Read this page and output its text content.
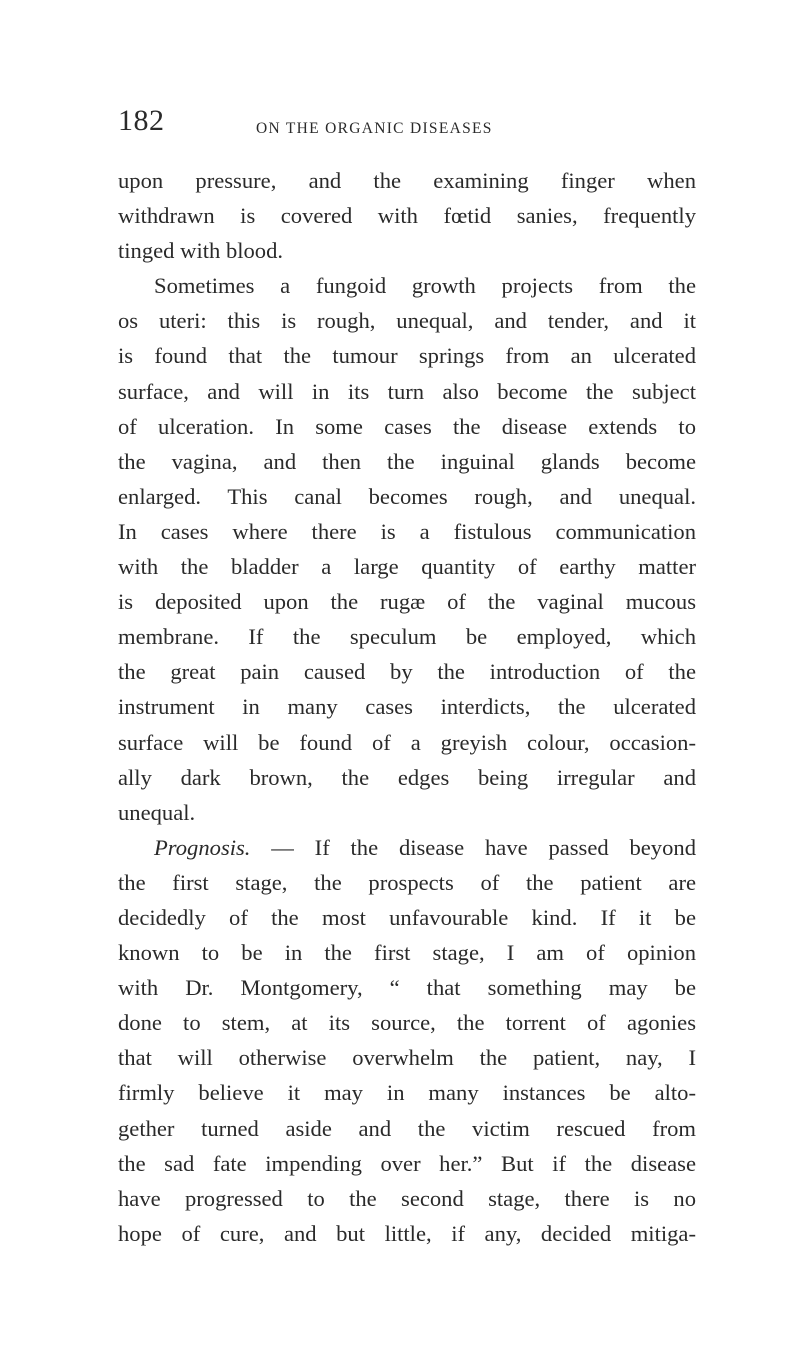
182	ON THE ORGANIC DISEASES
upon pressure, and the examining finger when
withdrawn is covered with fœtid sanies, frequently
tinged with blood.
Sometimes a fungoid growth projects from the
os uteri: this is rough, unequal, and tender, and it
is found that the tumour springs from an ulcerated
surface, and will in its turn also become the subject
of ulceration. In some cases the disease extends to
the vagina, and then the inguinal glands become
enlarged. This canal becomes rough, and unequal.
In cases where there is a fistulous communication
with the bladder a large quantity of earthy matter
is deposited upon the rugæ of the vaginal mucous
membrane. If the speculum be employed, which
the great pain caused by the introduction of the
instrument in many cases interdicts, the ulcerated
surface will be found of a greyish colour, occasion-
ally dark brown, the edges being irregular and
unequal.
Prognosis. — If the disease have passed beyond
the first stage, the prospects of the patient are
decidedly of the most unfavourable kind. If it be
known to be in the first stage, I am of opinion
with Dr. Montgomery, “ that something may be
done to stem, at its source, the torrent of agonies
that will otherwise overwhelm the patient, nay, I
firmly believe it may in many instances be alto-
gether turned aside and the victim rescued from
the sad fate impending over her.” But if the disease
have progressed to the second stage, there is no
hope of cure, and but little, if any, decided mitiga-
